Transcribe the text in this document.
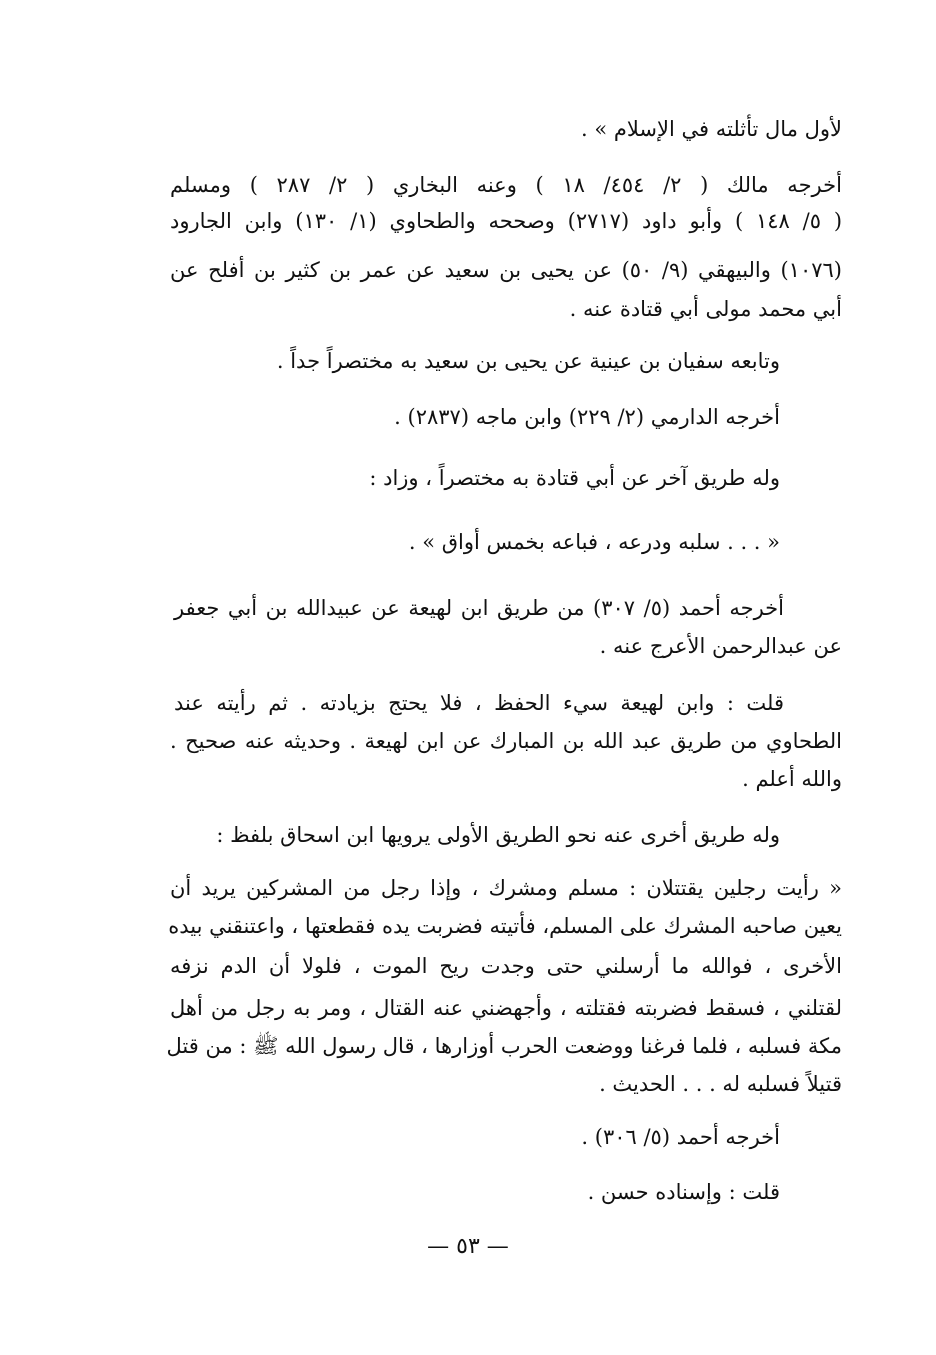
لأول مال تأثلته في الإسلام » .
أخرجه مالك ( ٢/ ٤٥٤/ ١٨ ) وعنه البخاري ( ٢/ ٢٨٧ ) ومسلم
( ٥/ ١٤٨ ) وأبو داود (٢٧١٧) وصححه والطحاوي (١/ ١٣٠) وابن الجارود
(١٠٧٦) والبيهقي (٩/ ٥٠) عن يحيى بن سعيد عن عمر بن كثير بن أفلح عن
أبي محمد مولى أبي قتادة عنه .
وتابعه سفيان بن عينية عن يحيى بن سعيد به مختصراً جداً .
أخرجه الدارمي (٢/ ٢٢٩) وابن ماجه (٢٨٣٧) .
وله طريق آخر عن أبي قتادة به مختصراً ، وزاد :
« . . . سلبه ودرعه ، فباعه بخمس أواق » .
أخرجه أحمد (٥/ ٣٠٧) من طريق ابن لهيعة عن عبيدالله بن أبي جعفر
عن عبدالرحمن الأعرج عنه .
قلت : وابن لهيعة سيء الحفظ ، فلا يحتج بزيادته . ثم رأيته عند
الطحاوي من طريق عبد الله بن المبارك عن ابن لهيعة . وحديثه عنه صحيح .
والله أعلم .
وله طريق أخرى عنه نحو الطريق الأولى يرويها ابن اسحاق بلفظ :
« رأيت رجلين يقتتلان : مسلم ومشرك ، وإذا رجل من المشركين يريد أن
يعين صاحبه المشرك على المسلم، فأتيته فضربت يده فقطعتها ، واعتنقني بيده
الأخرى ، فوالله ما أرسلني حتى وجدت ريح الموت ، فلولا أن الدم نزفه
لقتلني ، فسقط فضربته فقتلته ، وأجهضني عنه القتال ، ومر به رجل من أهل
مكة فسلبه ، فلما فرغنا ووضعت الحرب أوزارها ، قال رسول الله ﷺ : من قتل
قتيلاً فسلبه له . . . الحديث .
أخرجه أحمد (٥/ ٣٠٦) .
قلت : وإسناده حسن .
— ٥٣ —
